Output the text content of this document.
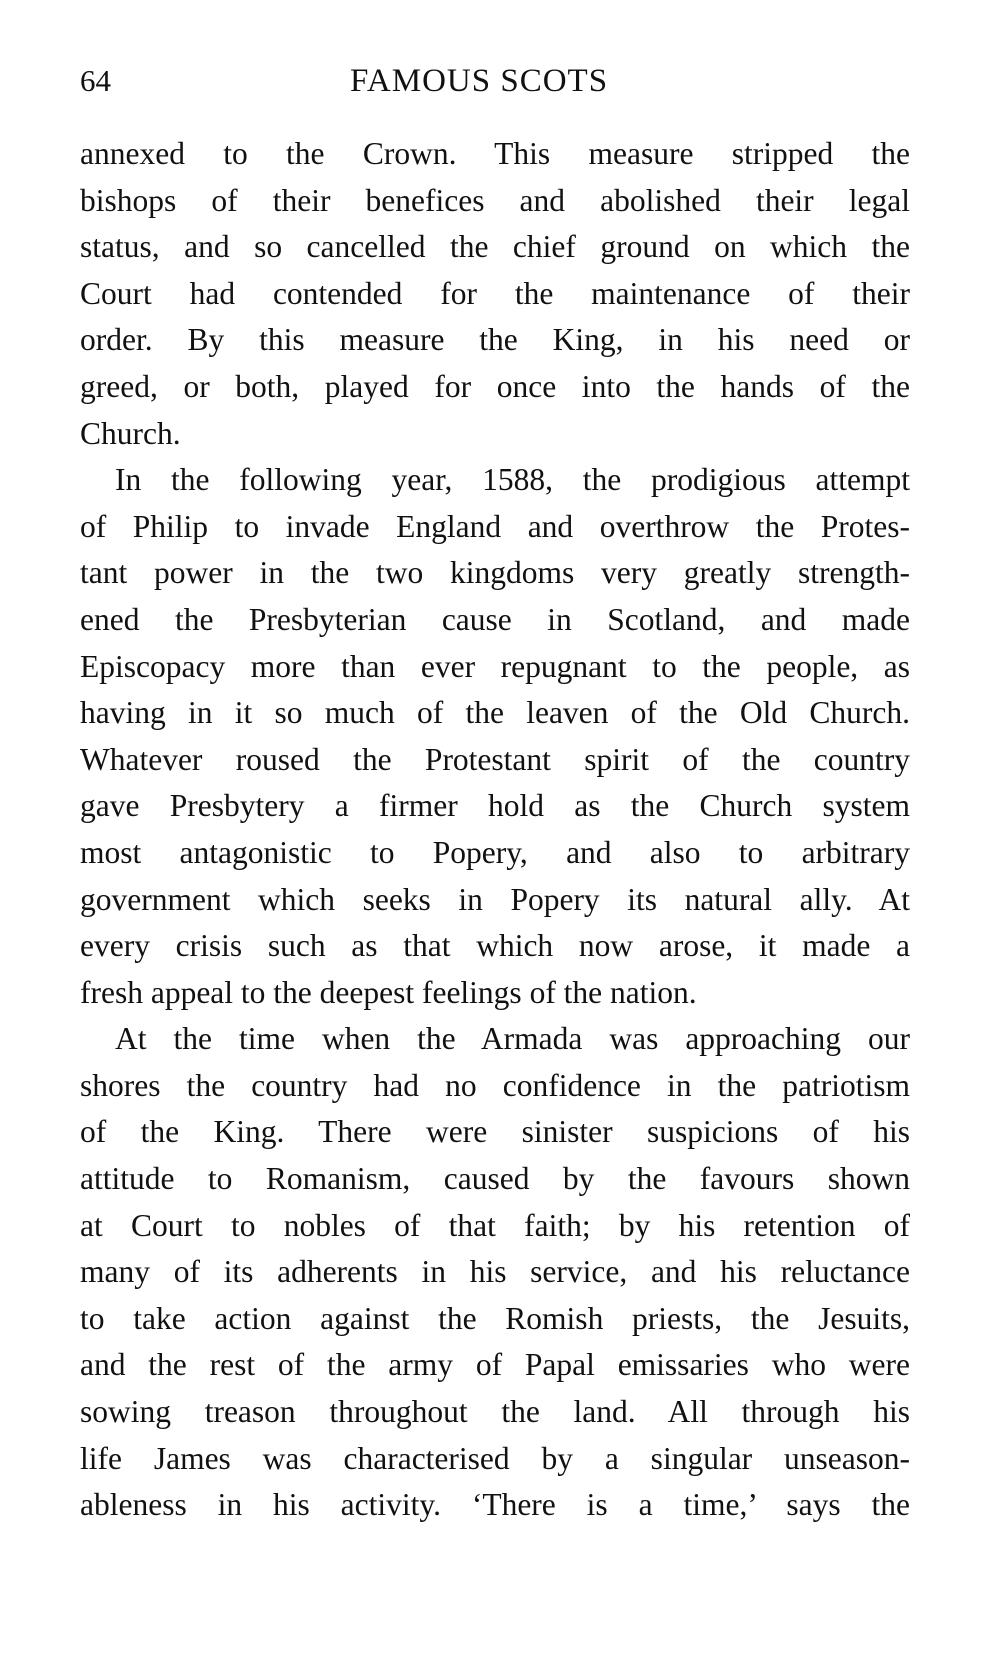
64	FAMOUS SCOTS
annexed to the Crown. This measure stripped the
bishops of their benefices and abolished their legal
status, and so cancelled the chief ground on which the
Court had contended for the maintenance of their
order. By this measure the King, in his need or
greed, or both, played for once into the hands of the
Church.
In the following year, 1588, the prodigious attempt
of Philip to invade England and overthrow the Protes-
tant power in the two kingdoms very greatly strength-
ened the Presbyterian cause in Scotland, and made
Episcopacy more than ever repugnant to the people, as
having in it so much of the leaven of the Old Church.
Whatever roused the Protestant spirit of the country
gave Presbytery a firmer hold as the Church system
most antagonistic to Popery, and also to arbitrary
government which seeks in Popery its natural ally. At
every crisis such as that which now arose, it made a
fresh appeal to the deepest feelings of the nation.
At the time when the Armada was approaching our
shores the country had no confidence in the patriotism
of the King. There were sinister suspicions of his
attitude to Romanism, caused by the favours shown
at Court to nobles of that faith; by his retention of
many of its adherents in his service, and his reluctance
to take action against the Romish priests, the Jesuits,
and the rest of the army of Papal emissaries who were
sowing treason throughout the land. All through his
life James was characterised by a singular unseason-
ableness in his activity. ‘There is a time,’ says the
